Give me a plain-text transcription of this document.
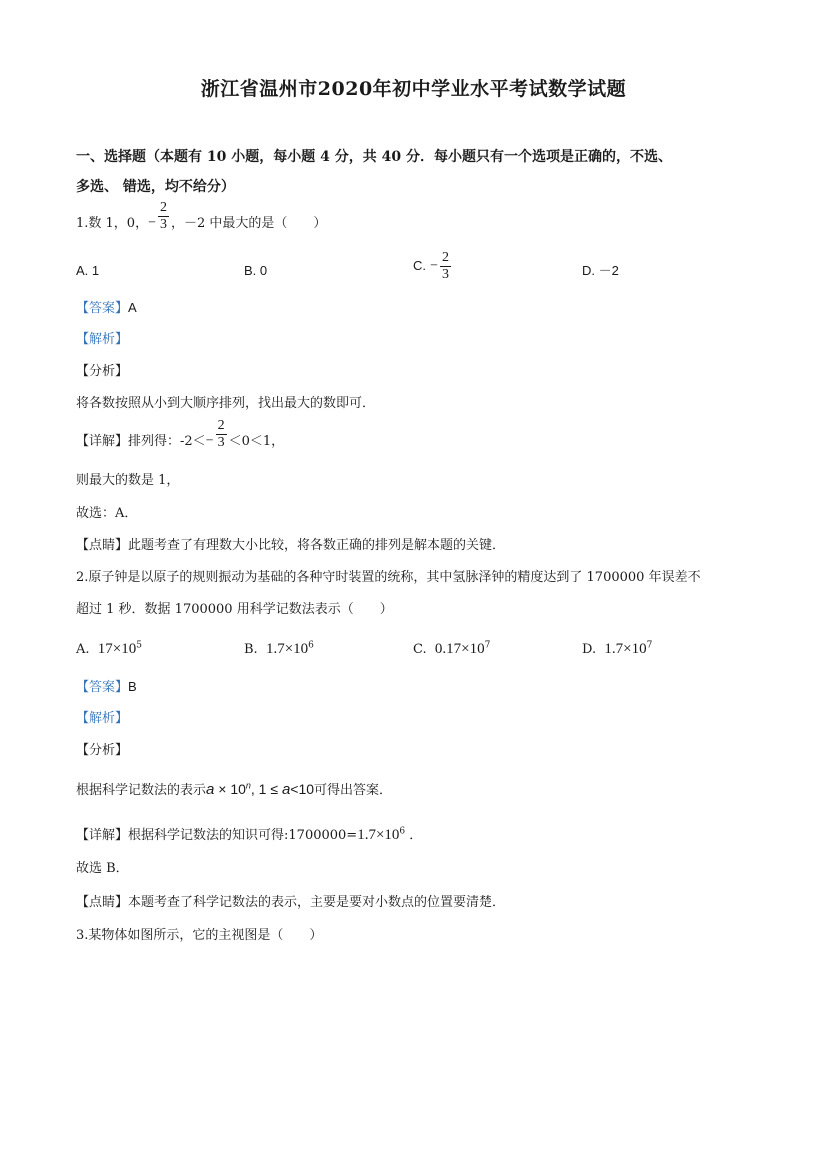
浙江省温州市2020年初中学业水平考试数学试题
一、选择题（本题有 10 小题，每小题 4 分，共 40 分．每小题只有一个选项是正确的，不选、
多选、 错选，均不给分）
1.数 1，0，− $\frac{2}{3}$ ，－2 中最大的是（　　）
A. 1	B. 0	C. − $\frac{2}{3}$	D. －2
【答案】A
【解析】
【分析】
将各数按照从小到大顺序排列，找出最大的数即可．
【详解】排列得：$-2<- \frac{2}{3} <0<1$，
则最大的数是 1，
故选：A．
【点睛】此题考查了有理数大小比较，将各数正确的排列是解本题的关键．
2.原子钟是以原子的规则振动为基础的各种守时装置的统称，其中氢脉泽钟的精度达到了 1700000 年误差不
超过 1 秒．数据 1700000 用科学记数法表示（　　）
A. $17\times 10^5$	B. $1.7\times 10^6$	C. $0.17\times 10^7$	D. $1.7\times 10^7$
【答案】B
【解析】
【分析】
根据科学记数法的表示$a \times 10^n$, 1 ≤ a<10可得出答案．
【详解】根据科学记数法的知识可得$:1700000=1.7\times 10^6$ ．
故选 B．
【点睛】本题考查了科学记数法的表示，主要是要对小数点的位置要清楚．
3.某物体如图所示，它的主视图是（　　）
